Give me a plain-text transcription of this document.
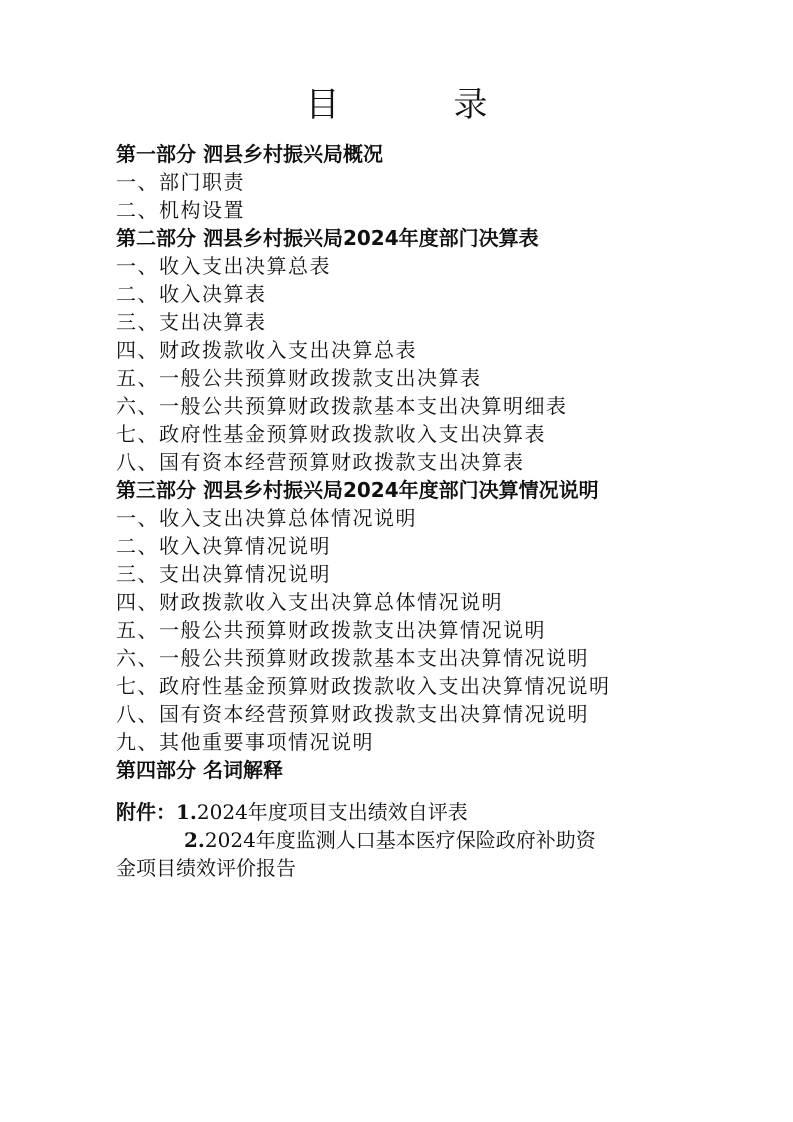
目　录
第一部分 泗县乡村振兴局概况
一、部门职责
二、机构设置
第二部分 泗县乡村振兴局2024年度部门决算表
一、收入支出决算总表
二、收入决算表
三、支出决算表
四、财政拨款收入支出决算总表
五、一般公共预算财政拨款支出决算表
六、一般公共预算财政拨款基本支出决算明细表
七、政府性基金预算财政拨款收入支出决算表
八、国有资本经营预算财政拨款支出决算表
第三部分 泗县乡村振兴局2024年度部门决算情况说明
一、收入支出决算总体情况说明
二、收入决算情况说明
三、支出决算情况说明
四、财政拨款收入支出决算总体情况说明
五、一般公共预算财政拨款支出决算情况说明
六、一般公共预算财政拨款基本支出决算情况说明
七、政府性基金预算财政拨款收入支出决算情况说明
八、国有资本经营预算财政拨款支出决算情况说明
九、其他重要事项情况说明
第四部分 名词解释
附件：1.2024年度项目支出绩效自评表
2.2024年度监测人口基本医疗保险政府补助资
金项目绩效评价报告
